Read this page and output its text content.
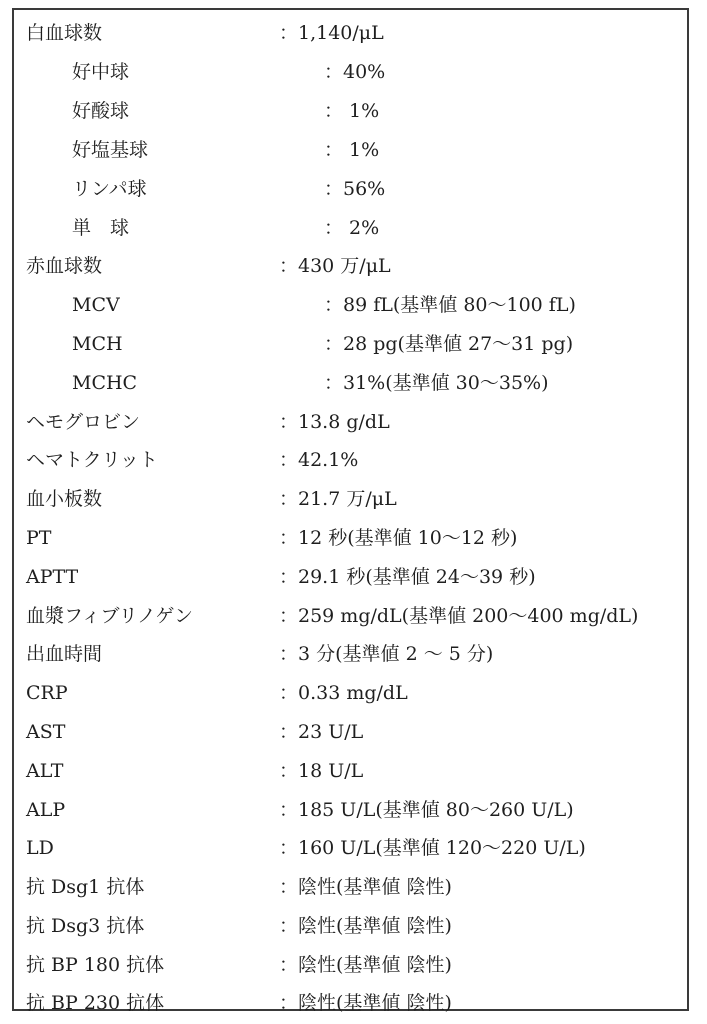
白血球数	：1,140/μL
好中球	：40%
好酸球	： 1%
好塩基球	： 1%
リンパ球	：56%
単　球	： 2%
赤血球数	：430 万/μL
MCV	：89 fL(基準値 80〜100 fL)
MCH	：28 pg(基準値 27〜31 pg)
MCHC	：31%(基準値 30〜35%)
ヘモグロビン	：13.8 g/dL
ヘマトクリット	：42.1%
血小板数	：21.7 万/μL
PT	：12 秒(基準値 10〜12 秒)
APTT	：29.1 秒(基準値 24〜39 秒)
血漿フィブリノゲン	：259 mg/dL(基準値 200〜400 mg/dL)
出血時間	：3 分(基準値 2 〜 5 分)
CRP	：0.33 mg/dL
AST	：23 U/L
ALT	：18 U/L
ALP	：185 U/L(基準値 80〜260 U/L)
LD	：160 U/L(基準値 120〜220 U/L)
抗 Dsg1 抗体	：陰性(基準値 陰性)
抗 Dsg3 抗体	：陰性(基準値 陰性)
抗 BP 180 抗体	：陰性(基準値 陰性)
抗 BP 230 抗体	：陰性(基準値 陰性)
